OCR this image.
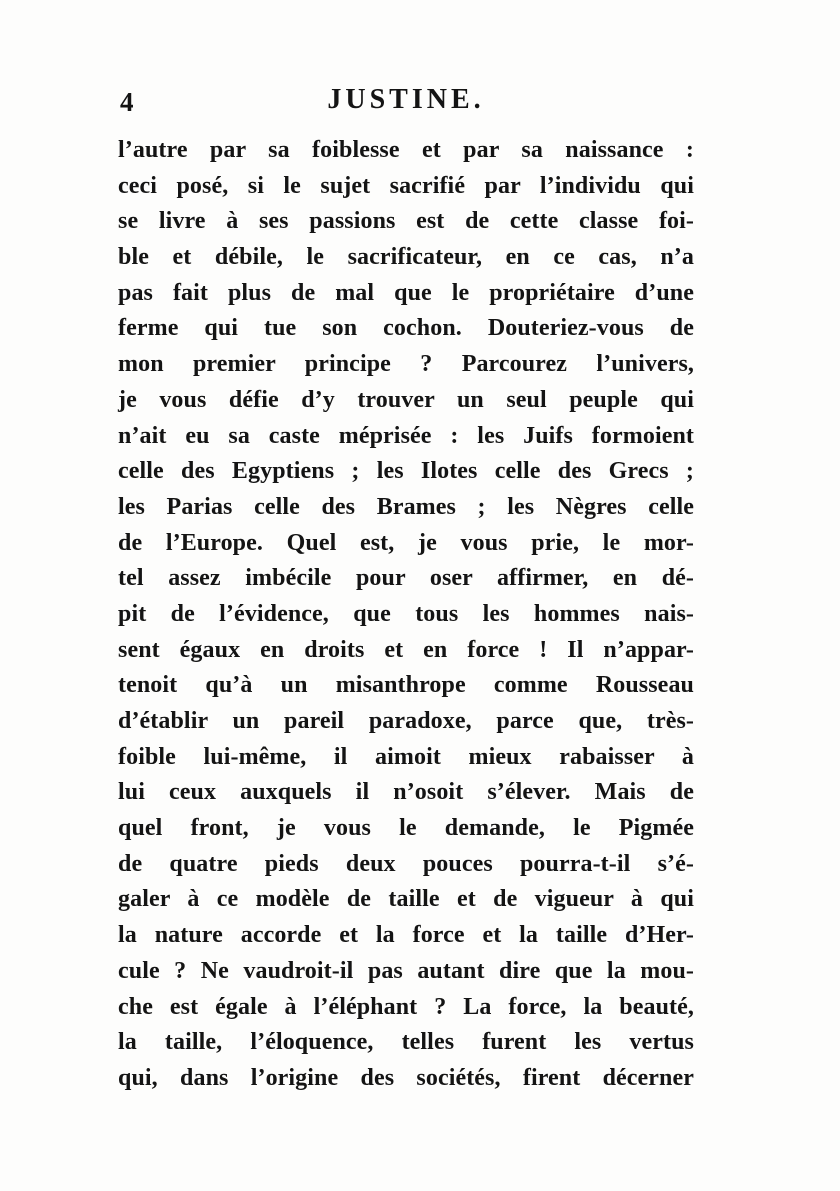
4	JUSTINE.
l’autre par sa foiblesse et par sa naissance :
ceci posé, si le sujet sacrifié par l’individu qui
se livre à ses passions est de cette classe foi-
ble et débile, le sacrificateur, en ce cas, n’a
pas fait plus de mal que le propriétaire d’une
ferme qui tue son cochon. Douteriez-vous de
mon premier principe ? Parcourez l’univers,
je vous défie d’y trouver un seul peuple qui
n’ait eu sa caste méprisée : les Juifs formoient
celle des Egyptiens ; les Ilotes celle des Grecs ;
les Parias celle des Brames ; les Nègres celle
de l’Europe. Quel est, je vous prie, le mor-
tel assez imbécile pour oser affirmer, en dé-
pit de l’évidence, que tous les hommes nais-
sent égaux en droits et en force ! Il n’appar-
tenoit qu’à un misanthrope comme Rousseau
d’établir un pareil paradoxe, parce que, très-
foible lui-même, il aimoit mieux rabaisser à
lui ceux auxquels il n’osoit s’élever. Mais de
quel front, je vous le demande, le Pigmée
de quatre pieds deux pouces pourra-t-il s’é-
galer à ce modèle de taille et de vigueur à qui
la nature accorde et la force et la taille d’Her-
cule ? Ne vaudroit-il pas autant dire que la mou-
che est égale à l’éléphant ? La force, la beauté,
la taille, l’éloquence, telles furent les vertus
qui, dans l’origine des sociétés, firent décerner
